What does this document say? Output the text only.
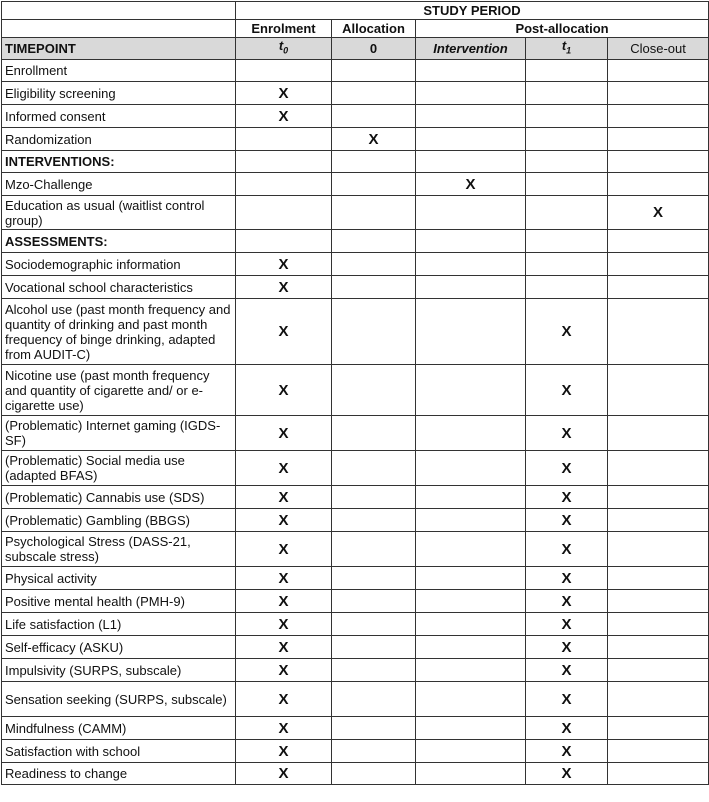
	STUDY PERIOD				
	Enrolment	Allocation	Post-allocation		
TIMEPOINT	$t_0$	0	Intervention	$t_1$	Close-out
Enrollment					
Eligibility screening	X				
Informed consent	X				
Randomization		X			
INTERVENTIONS:					
Mzo-Challenge			X		
Education as usual (waitlist control group)					X
ASSESSMENTS:					
Sociodemographic information	X				
Vocational school characteristics	X				
Alcohol use (past month frequency and quantity of drinking and past month frequency of binge drinking, adapted from AUDIT-C)	X			X	
Nicotine use (past month frequency and quantity of cigarette and/ or e-cigarette use)	X			X	
(Problematic) Internet gaming (IGDS-SF)	X			X	
(Problematic) Social media use (adapted BFAS)	X			X	
(Problematic) Cannabis use (SDS)	X			X	
(Problematic) Gambling (BBGS)	X			X	
Psychological Stress (DASS-21, subscale stress)	X			X	
Physical activity	X			X	
Positive mental health (PMH-9)	X			X	
Life satisfaction (L1)	X			X	
Self-efficacy (ASKU)	X			X	
Impulsivity (SURPS, subscale)	X			X	
Sensation seeking (SURPS, subscale)	X			X	
Mindfulness (CAMM)	X			X	
Satisfaction with school	X			X	
Readiness to change	X			X	
